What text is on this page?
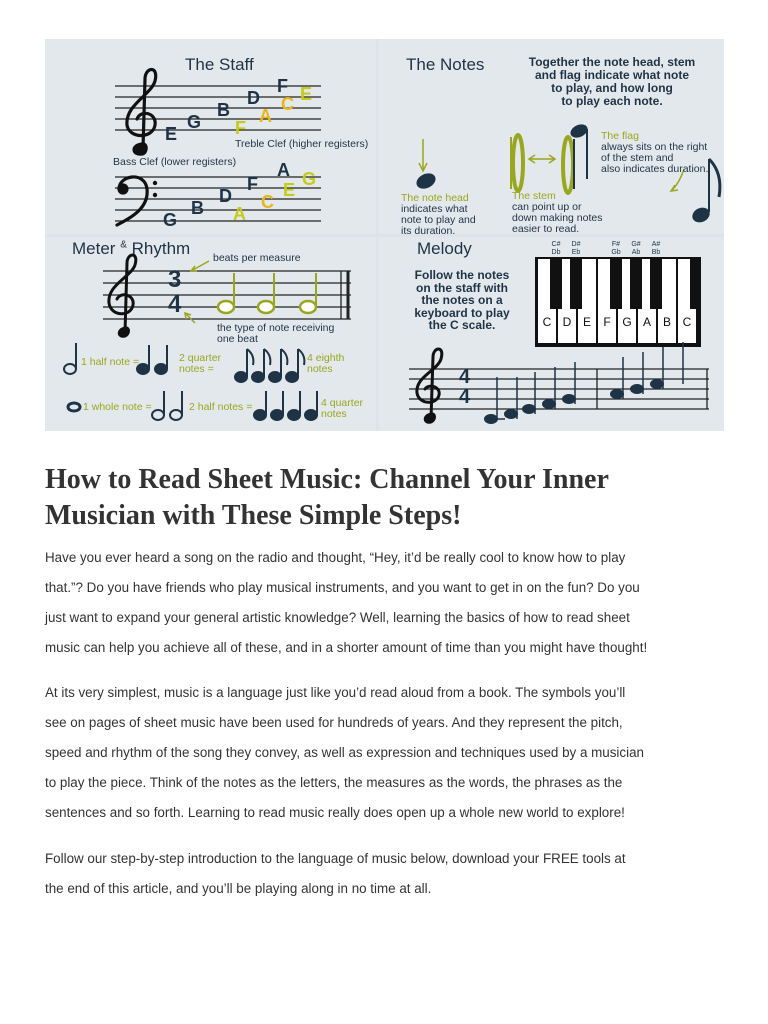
The Staff
E
G
B
D
F
F
A
C E
Treble Clef (higher registers)
Bass Clef (lower registers)
G
B
D
F
A
A
C
E
G
The Notes	Together the note head, stem
and flag indicate what note
to play, and how long
to play each note.
The flag
always sits on the right
of the stem and
also indicates duration.
The note head
indicates what
note to play and
its duration.
The stem
can point up or
down making notes
easier to read.
Meter & Rhythm
3
4
beats per measure
the type of note receiving
one beat
1 half note =	2 quarter
notes =
4 eighth
notes
1 whole note =	2 half notes =	4 quarter
notes
Melody
Follow the notes
on the staff with
the notes on a
keyboard to play
the C scale.
C#
Db
D#
Eb
F#
Gb
G#
Ab
A#
Bb
C D E	F G A B C
4
4
How to Read Sheet Music: Channel Your Inner
Musician with These Simple Steps!
Have you ever heard a song on the radio and thought, “Hey, it’d be really cool to know how to play
that.”? Do you have friends who play musical instruments, and you want to get in on the fun? Do you
just want to expand your general artistic knowledge? Well, learning the basics of how to read sheet
music can help you achieve all of these, and in a shorter amount of time than you might have thought!
At its very simplest, music is a language just like you’d read aloud from a book. The symbols you’ll
see on pages of sheet music have been used for hundreds of years. And they represent the pitch,
speed and rhythm of the song they convey, as well as expression and techniques used by a musician
to play the piece. Think of the notes as the letters, the measures as the words, the phrases as the
sentences and so forth. Learning to read music really does open up a whole new world to explore!
Follow our step-by-step introduction to the language of music below, download your FREE tools at
the end of this article, and you’ll be playing along in no time at all.
